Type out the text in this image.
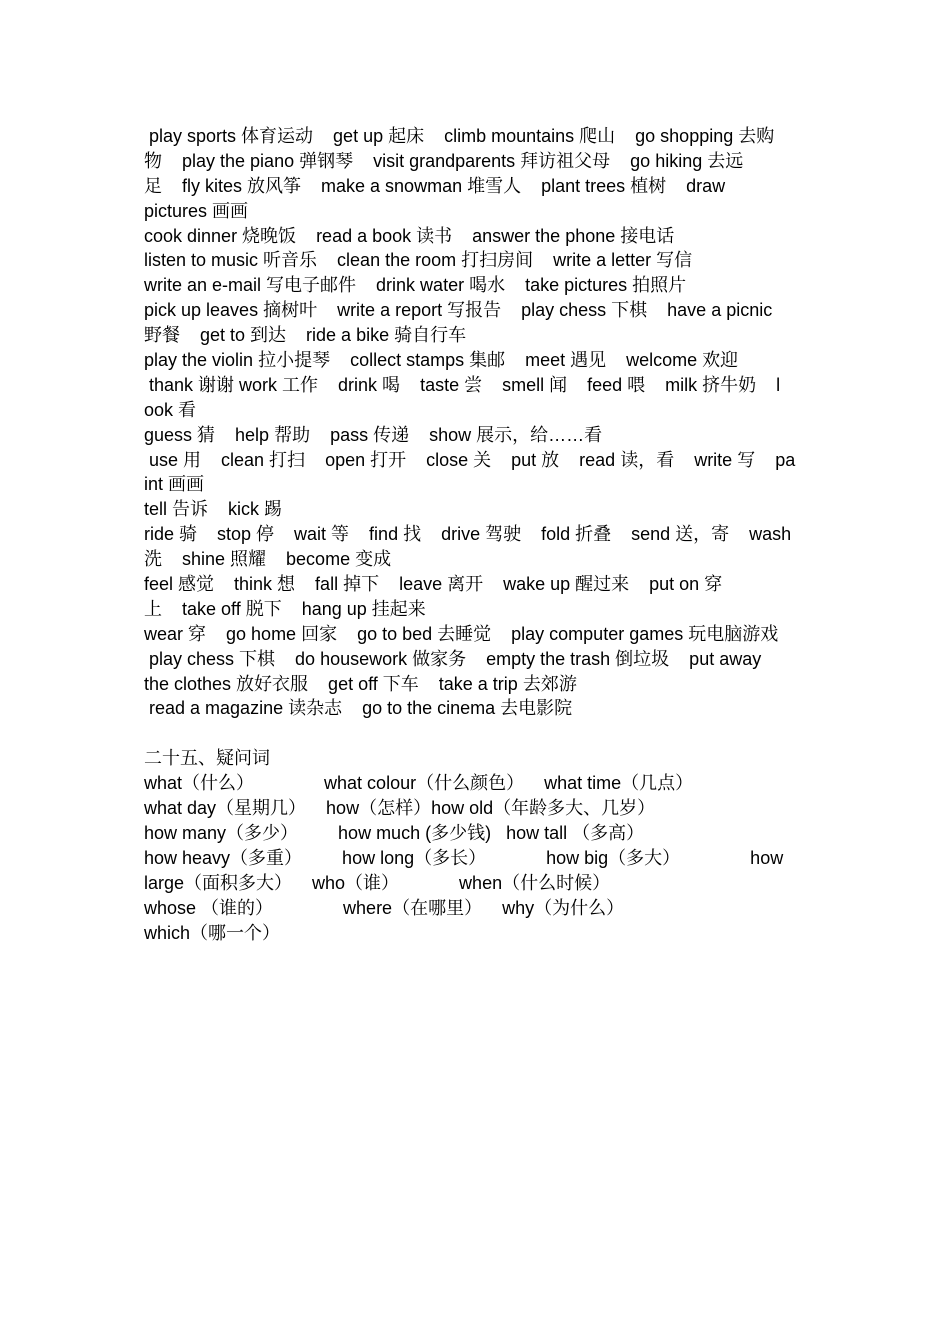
play sports 体育运动    get up 起床    climb mountains 爬山    go shopping 去购
物    play the piano 弹钢琴    visit grandparents 拜访祖父母    go hiking 去远
足    fly kites 放风筝    make a snowman 堆雪人    plant trees 植树    draw
pictures 画画
cook dinner 烧晚饭    read a book 读书    answer the phone 接电话
listen to music 听音乐    clean the room 打扫房间    write a letter 写信
write an e-mail 写电子邮件    drink water 喝水    take pictures 拍照片
pick up leaves 摘树叶    write a report 写报告    play chess 下棋    have a picnic
野餐    get to 到达    ride a bike 骑自行车
play the violin 拉小提琴    collect stamps 集邮    meet 遇见    welcome 欢迎
thank 谢谢 work 工作    drink 喝    taste 尝    smell 闻    feed 喂    milk 挤牛奶    l
ook 看
guess 猜    help 帮助    pass 传递    show 展示，给……看
use 用    clean 打扫    open 打开    close 关    put 放    read 读，看    write 写    pa
int 画画
tell 告诉    kick 踢
ride 骑    stop 停    wait 等    find 找    drive 驾驶    fold 折叠    send 送，寄    wash
洗    shine 照耀    become 变成
feel 感觉    think 想    fall 掉下    leave 离开    wake up 醒过来    put on 穿
上    take off 脱下    hang up 挂起来
wear 穿    go home 回家    go to bed 去睡觉    play computer games 玩电脑游戏
play chess 下棋    do housework 做家务    empty the trash 倒垃圾    put away
the clothes 放好衣服    get off 下车    take a trip 去郊游
read a magazine 读杂志    go to the cinema 去电影院
二十五、疑问词
what（什么）              what colour（什么颜色）    what time（几点）
what day（星期几）    how（怎样）how old（年龄多大、几岁）
how many（多少）        how much (多少钱)   how tall （多高）
how heavy（多重）        how long（多长）            how big（多大）              how
large（面积多大）    who（谁）            when（什么时候）
whose （谁的）              where（在哪里）    why（为什么）
which（哪一个）
